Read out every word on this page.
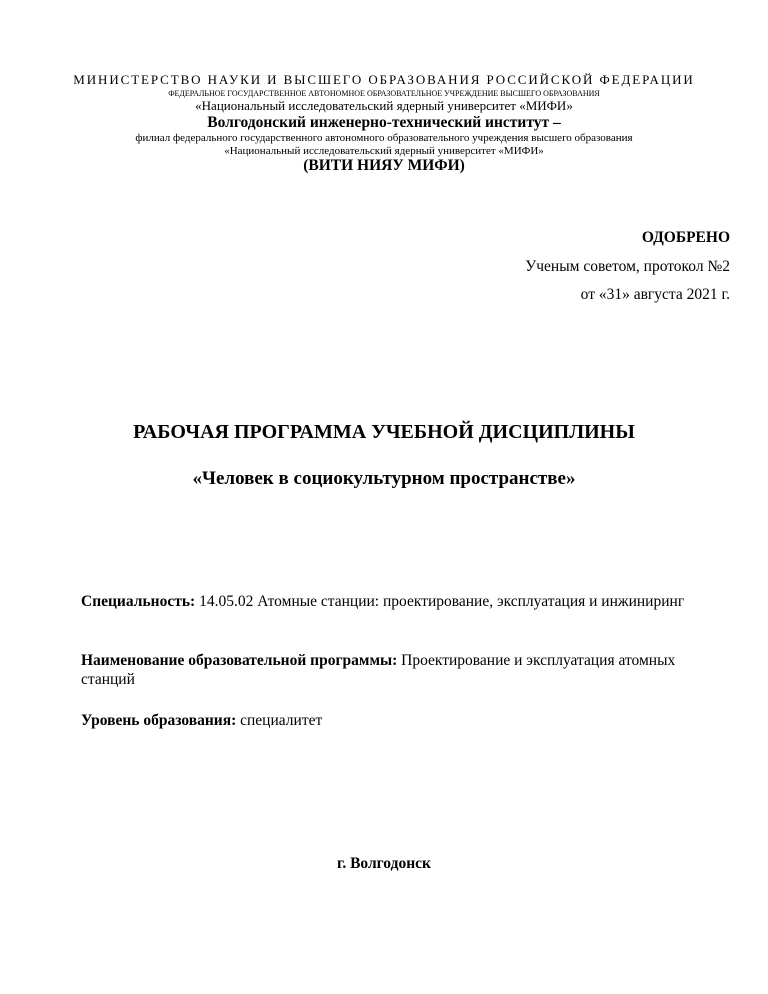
МИНИСТЕРСТВО НАУКИ И ВЫСШЕГО ОБРАЗОВАНИЯ РОССИЙСКОЙ ФЕДЕРАЦИИ
ФЕДЕРАЛЬНОЕ ГОСУДАРСТВЕННОЕ АВТОНОМНОЕ ОБРАЗОВАТЕЛЬНОЕ УЧРЕЖДЕНИЕ ВЫСШЕГО ОБРАЗОВАНИЯ
«Национальный исследовательский ядерный университет «МИФИ»
Волгодонский инженерно-технический институт –
филиал федерального государственного автономного образовательного учреждения высшего образования
«Национальный исследовательский ядерный университет «МИФИ»
(ВИТИ НИЯУ МИФИ)
ОДОБРЕНО
Ученым советом, протокол №2
от «31» августа 2021 г.
РАБОЧАЯ ПРОГРАММА УЧЕБНОЙ ДИСЦИПЛИНЫ
«Человек в социокультурном пространстве»
Специальность: 14.05.02 Атомные станции: проектирование, эксплуатация и инжиниринг
Наименование образовательной программы: Проектирование и эксплуатация атомных станций
Уровень образования: специалитет
г. Волгодонск
